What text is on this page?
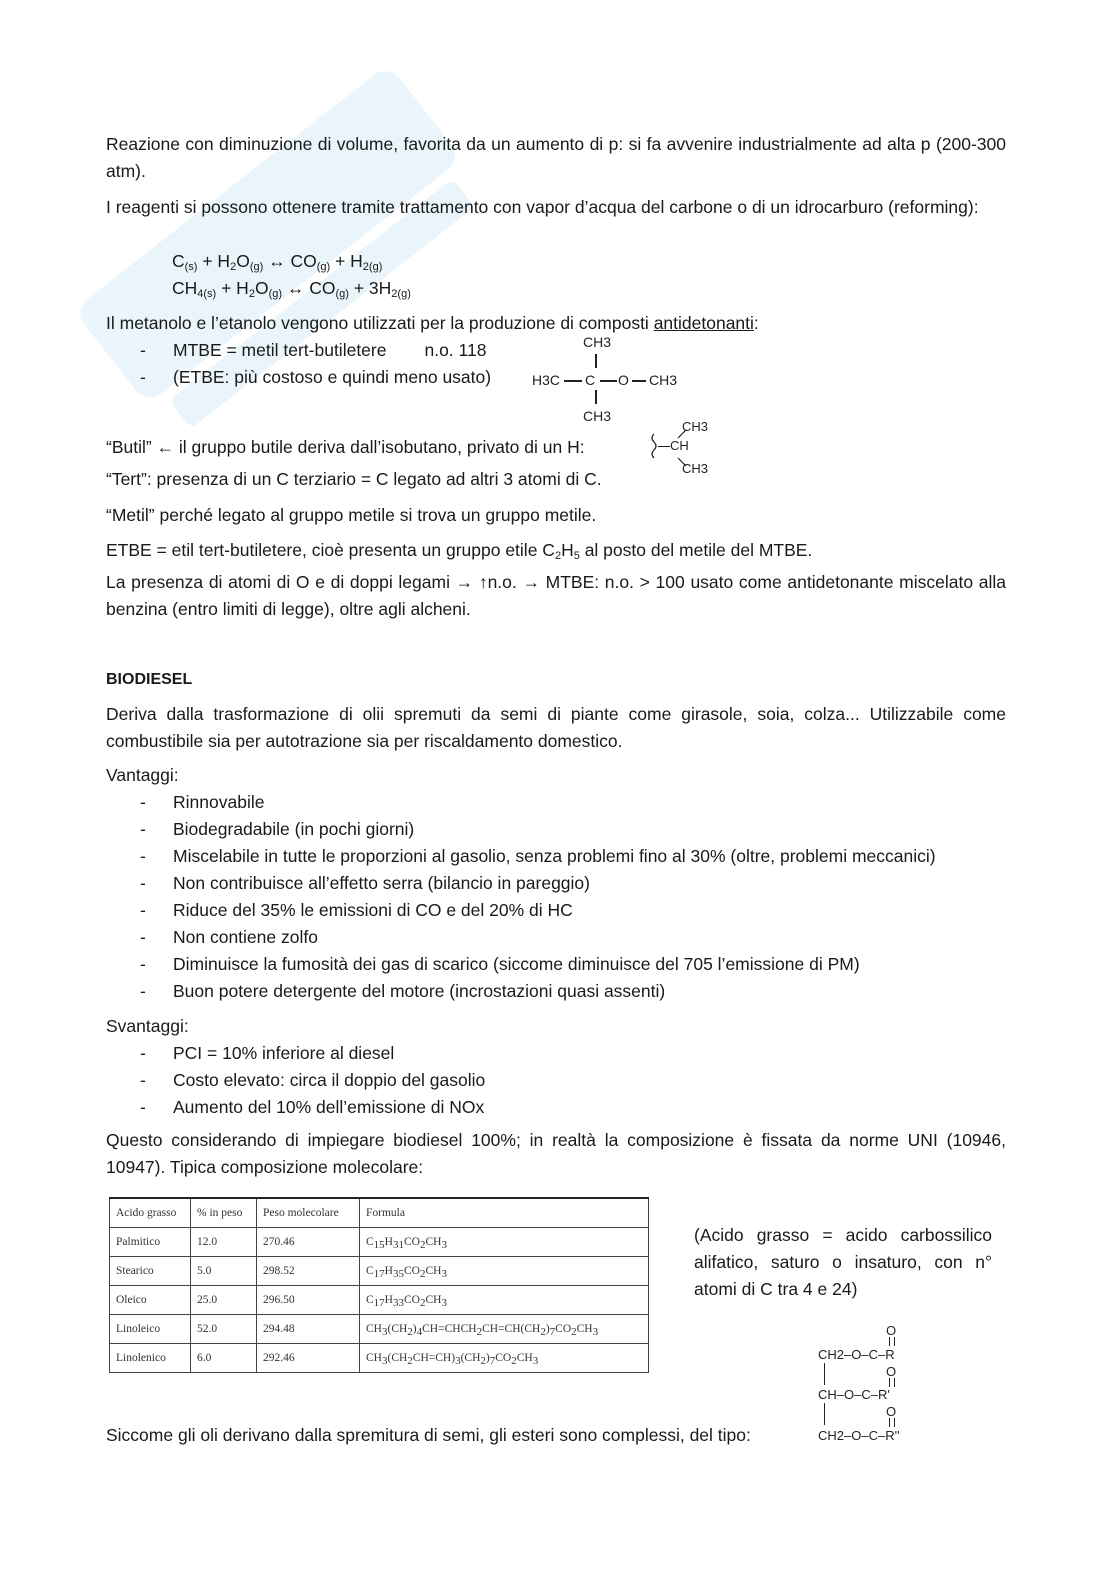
Reazione con diminuzione di volume, favorita da un aumento di p: si fa avvenire industrialmente ad alta p (200-300 atm).

I reagenti si possono ottenere tramite trattamento con vapor d’acqua del carbone o di un idrocarburo (reforming):

$C_{(s)} + H_2O_{(g)}$ ↔ $CO_{(g)} + H_{2(g)}$
$CH_{4(s)} + H_2O_{(g)}$ ↔ $CO_{(g)} + 3H_{2(g)}$
Il metanolo e l’etanolo vengono utilizzati per la produzione di composti antidetonanti:
- MTBE = metil tert-butiletere n.o. 118
- (ETBE: più costoso e quindi meno usato)
CH3
H3C C O CH3
CH3
“Butil” ← il gruppo butile deriva dall’isobutano, privato di un H:	CH
CH3
CH3
“Tert”: presenza di un C terziario = C legato ad altri 3 atomi di C.
“Metil” perché legato al gruppo metile si trova un gruppo metile.
ETBE = etil tert-butiletere, cioè presenta un gruppo etile $C_2H_5$ al posto del metile del MTBE.

La presenza di atomi di O e di doppi legami → ↑n.o. → MTBE: n.o. > 100 usato come antidetonante miscelato alla benzina (entro limiti di legge), oltre agli alcheni.

BIODIESEL

Deriva dalla trasformazione di olii spremuti da semi di piante come girasole, soia, colza... Utilizzabile come combustibile sia per autotrazione sia per riscaldamento domestico.

Vantaggi:
- Rinnovabile
- Biodegradabile (in pochi giorni)
- Miscelabile in tutte le proporzioni al gasolio, senza problemi fino al 30% (oltre, problemi meccanici)
- Non contribuisce all’effetto serra (bilancio in pareggio)
- Riduce del 35% le emissioni di CO e del 20% di HC
- Non contiene zolfo
- Diminuisce la fumosità dei gas di scarico (siccome diminuisce del 705 l’emissione di PM)
- Buon potere detergente del motore (incrostazioni quasi assenti)
Svantaggi:
- PCI = 10% inferiore al diesel
- Costo elevato: circa il doppio del gasolio
- Aumento del 10% dell’emissione di NOx

Questo considerando di impiegare biodiesel 100%; in realtà la composizione è fissata da norme UNI (10946, 10947). Tipica composizione molecolare:

Acido grasso	% in peso	Peso molecolare	Formula
Palmitico	12.0	270.46	$C_{15}H_{31}CO_2CH_3$
Stearico	5.0	298.52	$C_{17}H_{35}CO_2CH_3$
Oleico	25.0	296.50	$C_{17}H_{33}CO_2CH_3$
Linoleico	52.0	294.48	$CH_3(CH_2)_4CH=CHCH_2CH=CH(CH_2)_7CO_2CH_3$
Linolenico	6.0	292.46	$CH_3(CH_2CH=CH)_3(CH_2)_7CO_2CH_3$

(Acido grasso = acido carbossilico alifatico, saturo o insaturo, con n° atomi di C tra 4 e 24)

Siccome gli oli derivano dalla spremitura di semi, gli esteri sono complessi, del tipo:
O
CH2–O–C–R
O
CH–O–C–R'
O
CH2–O–C–R''
